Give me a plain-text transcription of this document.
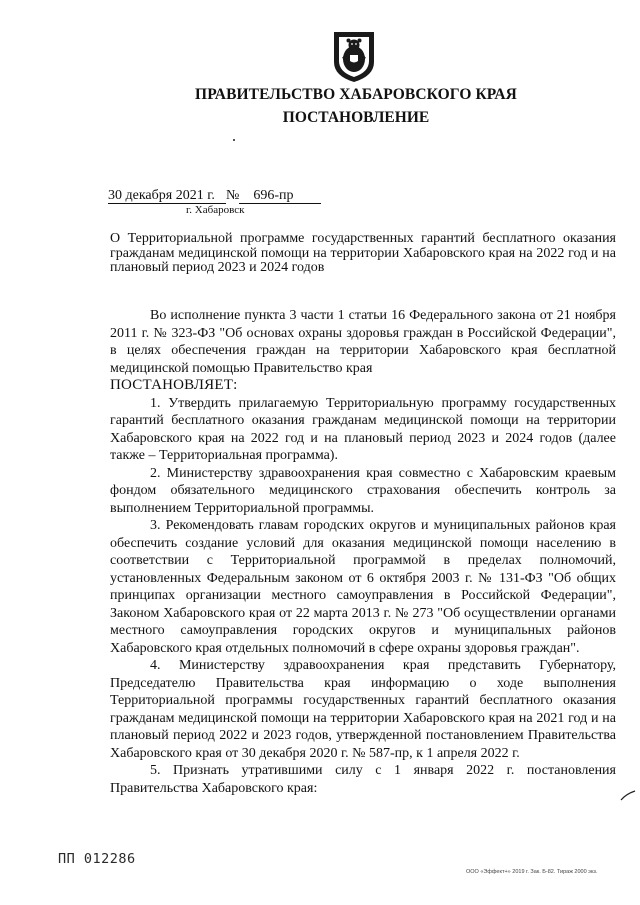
ПРАВИТЕЛЬСТВО ХАБАРОВСКОГО КРАЯ
ПОСТАНОВЛЕНИЕ
30 декабря 2021 г. № 696-пр
г. Хабаровск
О Территориальной программе государственных гарантий бесплатного оказания гражданам медицинской помощи на территории Хабаровского края на 2022 год и на плановый период 2023 и 2024 годов

Во исполнение пункта 3 части 1 статьи 16 Федерального закона от 21 ноября 2011 г. № 323-ФЗ "Об основах охраны здоровья граждан в Российской Федерации", в целях обеспечения граждан на территории Хабаровского края бесплатной медицинской помощью Правительство края

ПОСТАНОВЛЯЕТ:

1. Утвердить прилагаемую Территориальную программу государственных гарантий бесплатного оказания гражданам медицинской помощи на территории Хабаровского края на 2022 год и на плановый период 2023 и 2024 годов (далее также – Территориальная программа).

2. Министерству здравоохранения края совместно с Хабаровским краевым фондом обязательного медицинского страхования обеспечить контроль за выполнением Территориальной программы.

3. Рекомендовать главам городских округов и муниципальных районов края обеспечить создание условий для оказания медицинской помощи населению в соответствии с Территориальной программой в пределах полномочий, установленных Федеральным законом от 6 октября 2003 г. № 131-ФЗ "Об общих принципах организации местного самоуправления в Российской Федерации", Законом Хабаровского края от 22 марта 2013 г. № 273 "Об осуществлении органами местного самоуправления городских округов и муниципальных районов Хабаровского края отдельных полномочий в сфере охраны здоровья граждан".

4. Министерству здравоохранения края представить Губернатору, Председателю Правительства края информацию о ходе выполнения Территориальной программы государственных гарантий бесплатного оказания гражданам медицинской помощи на территории Хабаровского края на 2021 год и на плановый период 2022 и 2023 годов, утвержденной постановлением Правительства Хабаровского края от 30 декабря 2020 г. № 587-пр, к 1 апреля 2022 г.

5. Признать утратившими силу с 1 января 2022 г. постановления Правительства Хабаровского края:

ПП 012286
ООО «Эффект+» 2019 г. Зак. Б-82. Тираж 2000 экз.
